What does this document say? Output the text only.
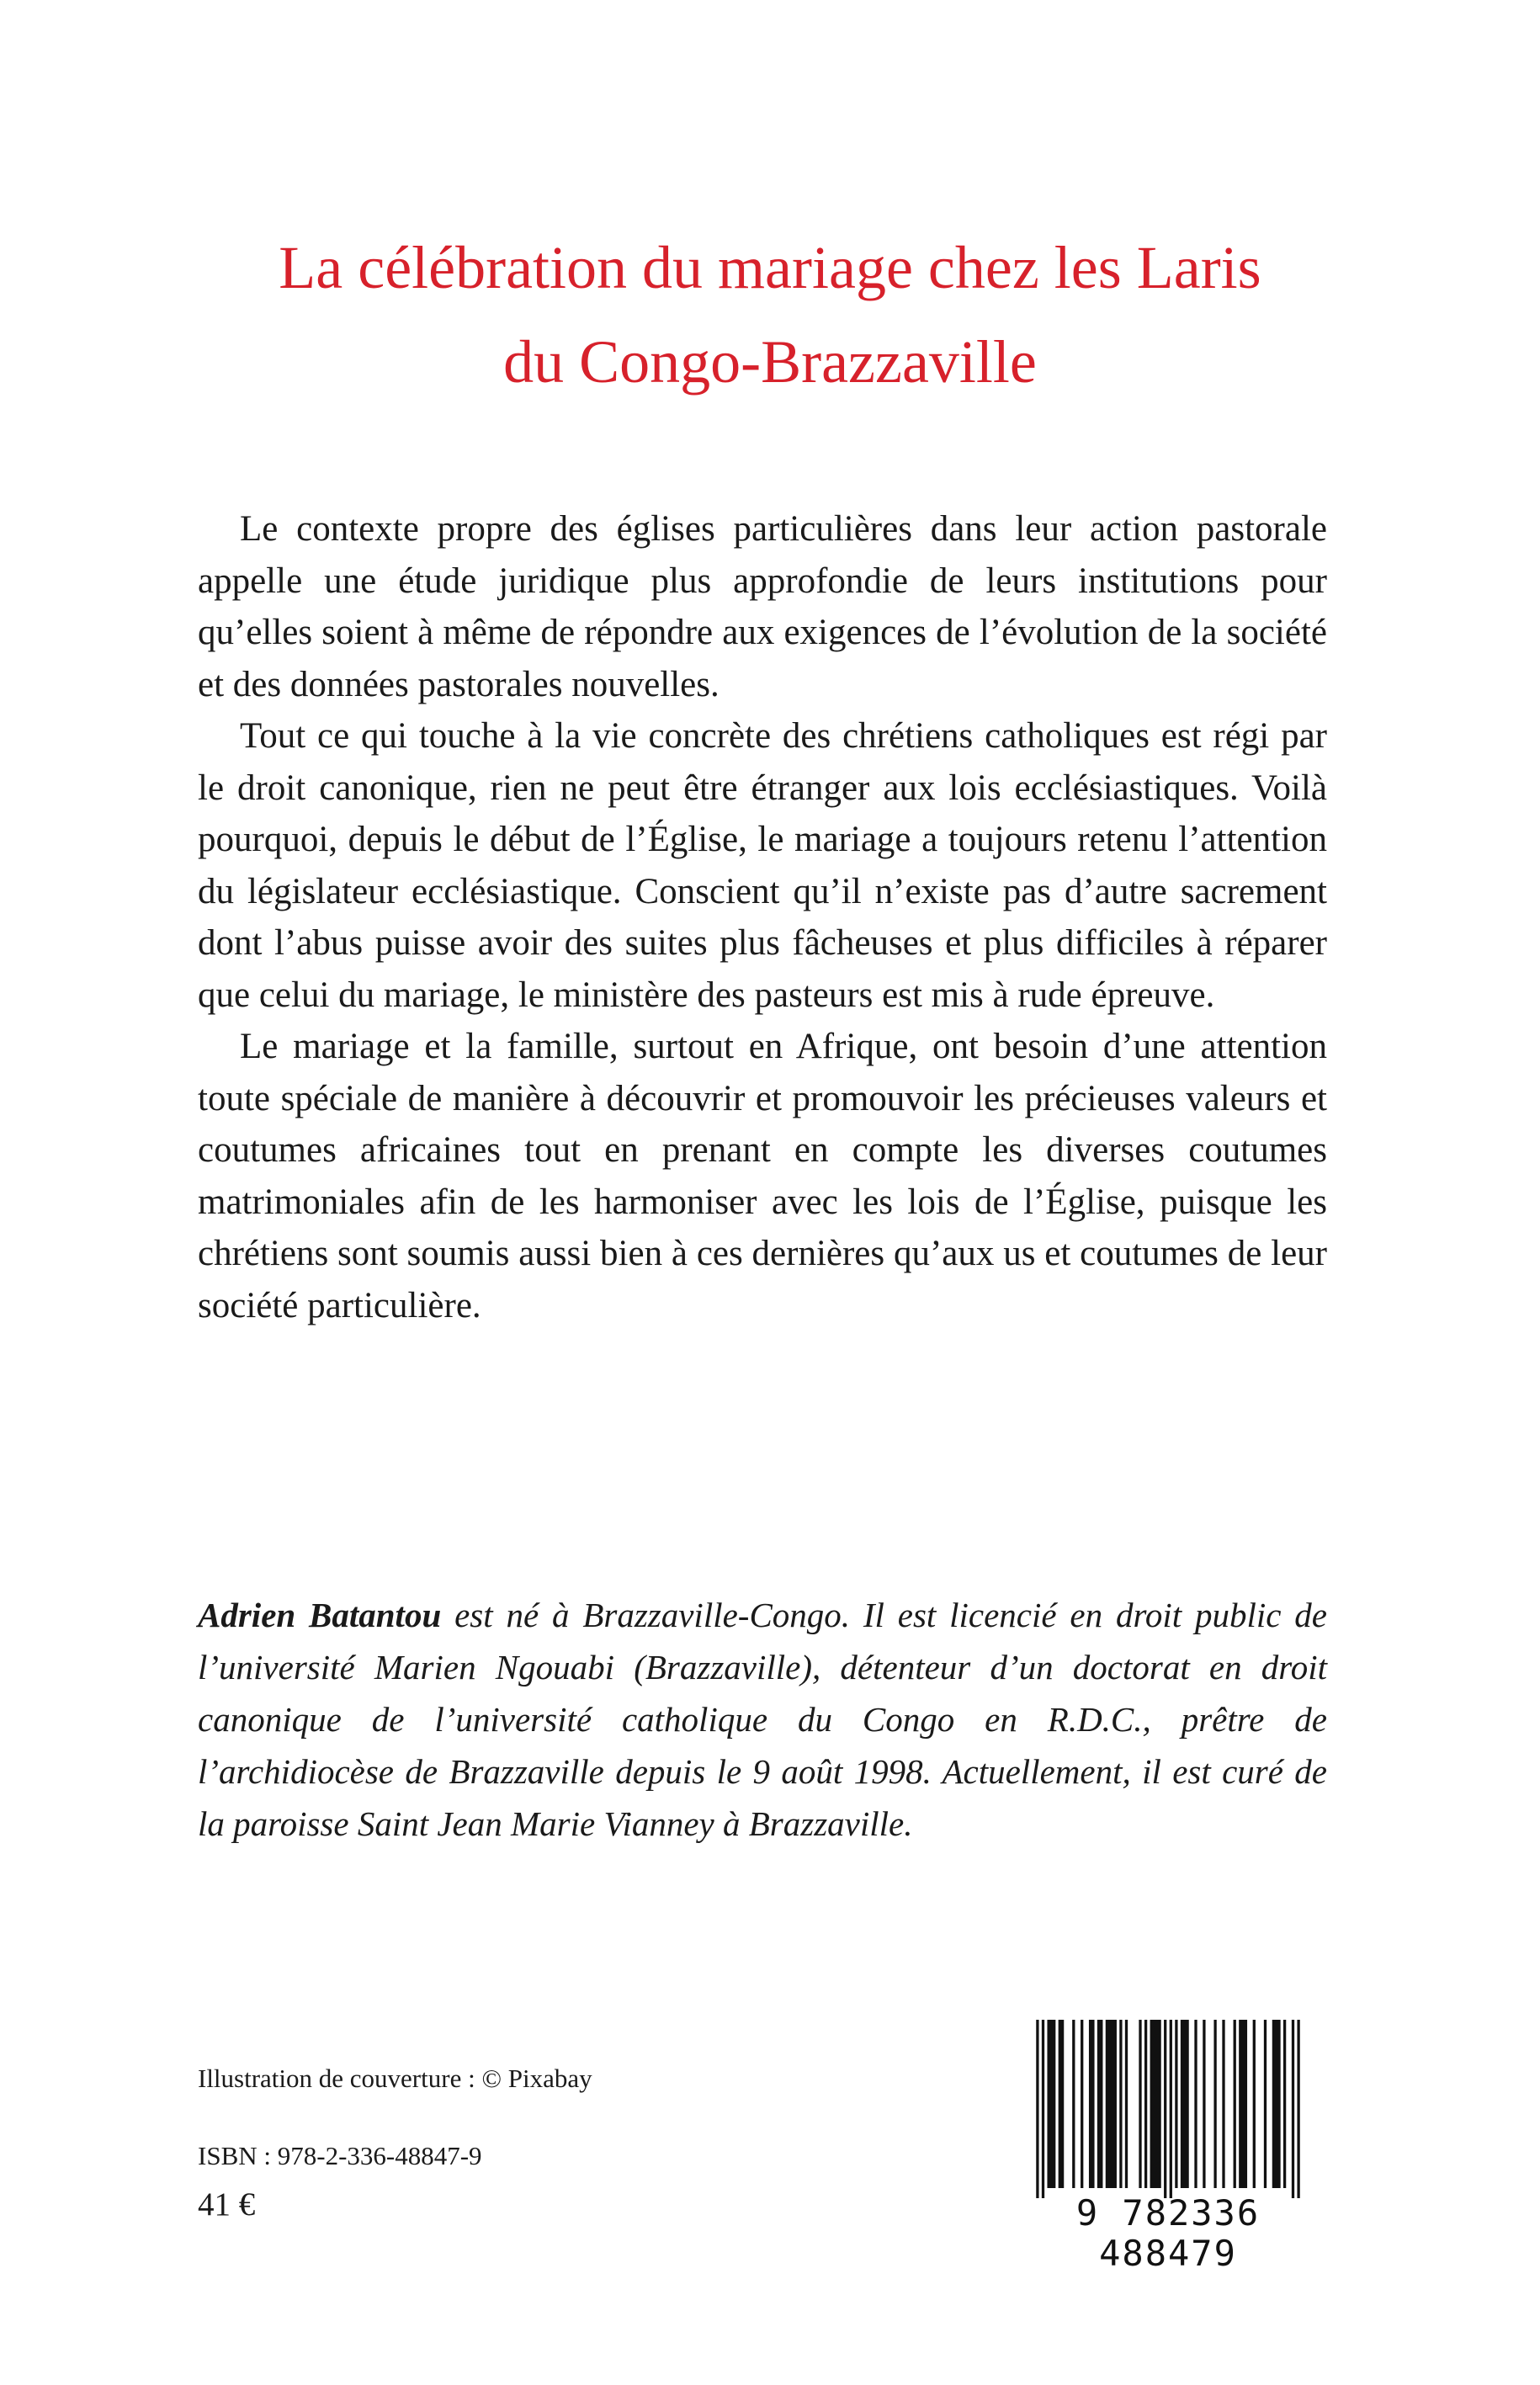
La célébration du mariage chez les Laris
du Congo-Brazzaville

Le contexte propre des églises particulières dans leur action pastorale appelle une étude juridique plus approfondie de leurs institutions pour qu’elles soient à même de répondre aux exigences de l’évolution de la société et des données pastorales nouvelles.

Tout ce qui touche à la vie concrète des chrétiens catholiques est régi par le droit canonique, rien ne peut être étranger aux lois ecclésiastiques. Voilà pourquoi, depuis le début de l’Église, le mariage a toujours retenu l’attention du législateur ecclésiastique. Conscient qu’il n’existe pas d’autre sacrement dont l’abus puisse avoir des suites plus fâcheuses et plus difficiles à réparer que celui du mariage, le ministère des pasteurs est mis à rude épreuve.

Le mariage et la famille, surtout en Afrique, ont besoin d’une attention toute spéciale de manière à découvrir et promouvoir les précieuses valeurs et coutumes africaines tout en prenant en compte les diverses coutumes matrimoniales afin de les harmoniser avec les lois de l’Église, puisque les chrétiens sont soumis aussi bien à ces dernières qu’aux us et coutumes de leur société particulière.

Adrien Batantou est né à Brazzaville-Congo. Il est licencié en droit public de l’université Marien Ngouabi (Brazzaville), détenteur d’un doctorat en droit canonique de l’université catholique du Congo en R.D.C., prêtre de l’archidiocèse de Brazzaville depuis le 9 août 1998. Actuellement, il est curé de la paroisse Saint Jean Marie Vianney à Brazzaville.

Illustration de couverture : © Pixabay

ISBN : 978-2-336-48847-9

41 €	9 782336 488479
